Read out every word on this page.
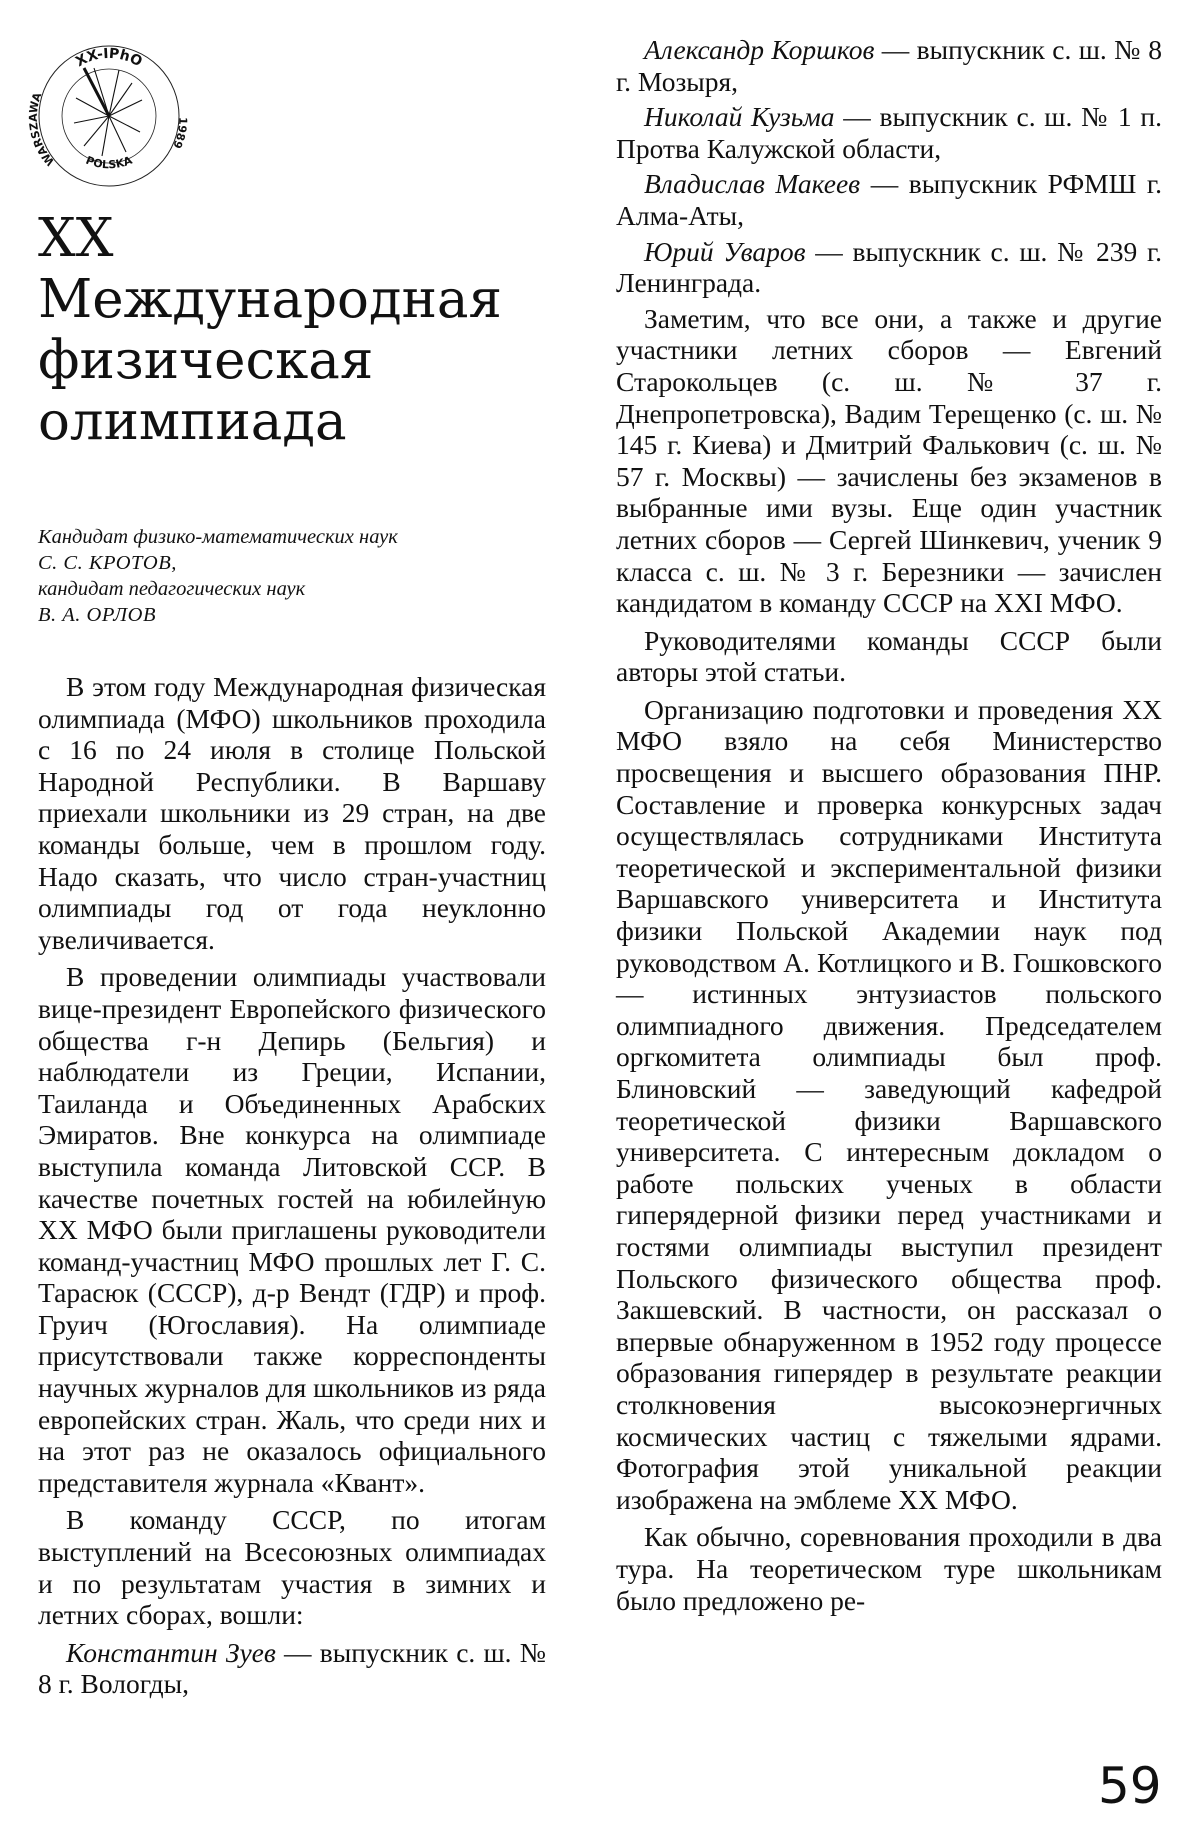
XX-IPhO
WARSZAWA
POLSKA
1989
XX
Международная
физическая
олимпиада
Кандидат физико-математических наук
С. С. КРОТОВ,
кандидат педагогических наук
В. А. ОРЛОВ

В этом году Международная физическая олимпиада (МФО) школьников проходила с 16 по 24 июля в столице Польской Народной Республики. В Варшаву приехали школьники из 29 стран, на две команды больше, чем в прошлом году. Надо сказать, что число стран-участниц олимпиады год от года неуклонно увеличивается.

В проведении олимпиады участвовали вице-президент Европейского физического общества г-н Депирь (Бельгия) и наблюдатели из Греции, Испании, Таиланда и Объединенных Арабских Эмиратов. Вне конкурса на олимпиаде выступила команда Литовской ССР. В качестве почетных гостей на юбилейную XX МФО были приглашены руководители команд-участниц МФО прошлых лет Г. С. Тарасюк (СССР), д-р Вендт (ГДР) и проф. Груич (Югославия). На олимпиаде присутствовали также корреспонденты научных журналов для школьников из ряда европейских стран. Жаль, что среди них и на этот раз не оказалось официального представителя журнала «Квант».

В команду СССР, по итогам выступлений на Всесоюзных олимпиадах и по результатам участия в зимних и летних сборах, вошли:

Константин Зуев — выпускник с. ш. № 8 г. Вологды,

Александр Коршков — выпускник с. ш. № 8 г. Мозыря,

Николай Кузьма — выпускник с. ш. № 1 п. Протва Калужской области,

Владислав Макеев — выпускник РФМШ г. Алма-Аты,

Юрий Уваров — выпускник с. ш. № 239 г. Ленинграда.

Заметим, что все они, а также и другие участники летних сборов — Евгений Старокольцев (с. ш. № 37 г. Днепропетровска), Вадим Терещенко (с. ш. № 145 г. Киева) и Дмитрий Фалькович (с. ш. № 57 г. Москвы) — зачислены без экзаменов в выбранные ими вузы. Еще один участник летних сборов — Сергей Шинкевич, ученик 9 класса с. ш. № 3 г. Березники — зачислен кандидатом в команду СССР на XXI МФО.

Руководителями команды СССР были авторы этой статьи.

Организацию подготовки и проведения XX МФО взяло на себя Министерство просвещения и высшего образования ПНР. Составление и проверка конкурсных задач осуществлялась сотрудниками Института теоретической и экспериментальной физики Варшавского университета и Института физики Польской Академии наук под руководством А. Котлицкого и В. Гошковского — истинных энтузиастов польского олимпиадного движения. Председателем оргкомитета олимпиады был проф. Блиновский — заведующий кафедрой теоретической физики Варшавского университета. С интересным докладом о работе польских ученых в области гиперядерной физики перед участниками и гостями олимпиады выступил президент Польского физического общества проф. Закшевский. В частности, он рассказал о впервые обнаруженном в 1952 году процессе образования гиперядер в результате реакции столкновения высокоэнергичных космических частиц с тяжелыми ядрами. Фотография этой уникальной реакции изображена на эмблеме XX МФО.

Как обычно, соревнования проходили в два тура. На теоретическом туре школьникам было предложено ре-

59
